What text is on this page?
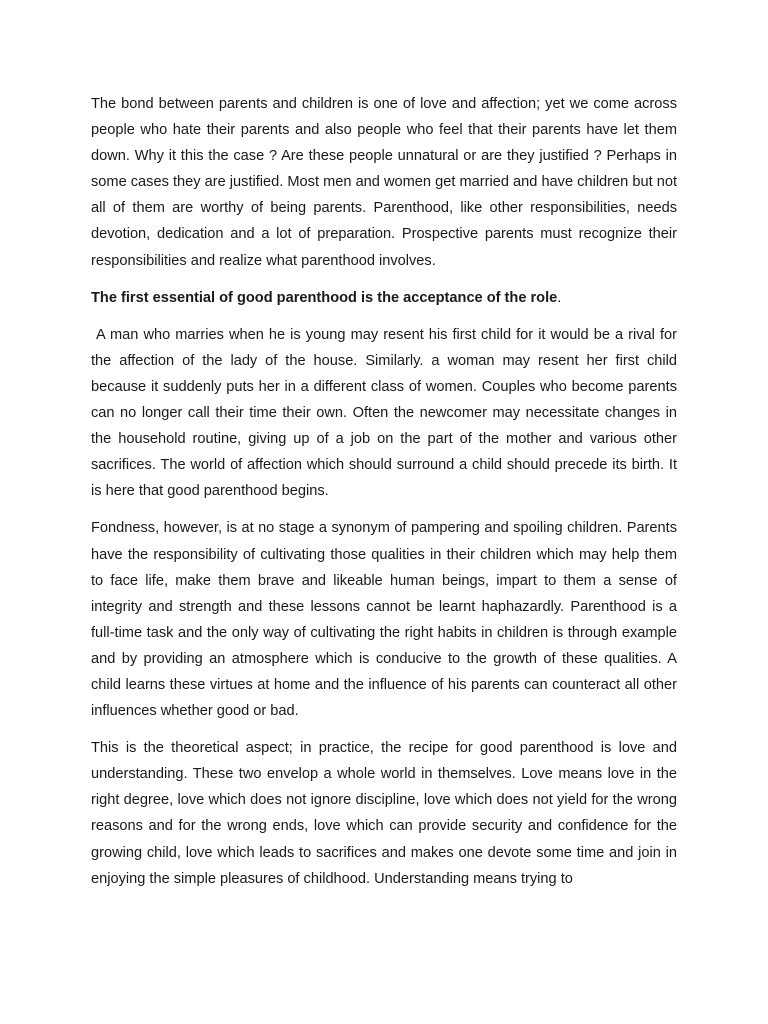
The bond between parents and children is one of love and affection; yet we come across people who hate their parents and also people who feel that their parents have let them down. Why it this the case ? Are these people unnatural or are they justified ? Perhaps in some cases they are justified. Most men and women get married and have children but not all of them are worthy of being parents. Parenthood, like other responsibilities, needs devotion, dedication and a lot of preparation. Prospective parents must recognize their responsibilities and realize what parenthood involves.

The first essential of good parenthood is the acceptance of the role.

A man who marries when he is young may resent his first child for it would be a rival for the affection of the lady of the house. Similarly. a woman may resent her first child because it suddenly puts her in a different class of women. Couples who become parents can no longer call their time their own. Often the newcomer may necessitate changes in the household routine, giving up of a job on the part of the mother and various other sacrifices. The world of affection which should surround a child should precede its birth. It is here that good parenthood begins.

Fondness, however, is at no stage a synonym of pampering and spoiling children. Parents have the responsibility of cultivating those qualities in their children which may help them to face life, make them brave and likeable human beings, impart to them a sense of integrity and strength and these lessons cannot be learnt haphazardly. Parenthood is a full-time task and the only way of cultivating the right habits in children is through example and by providing an atmosphere which is conducive to the growth of these qualities. A child learns these virtues at home and the influence of his parents can counteract all other influences whether good or bad.

This is the theoretical aspect; in practice, the recipe for good parenthood is love and understanding. These two envelop a whole world in themselves. Love means love in the right degree, love which does not ignore discipline, love which does not yield for the wrong reasons and for the wrong ends, love which can provide security and confidence for the growing child, love which leads to sacrifices and makes one devote some time and join in enjoying the simple pleasures of childhood. Understanding means trying to
